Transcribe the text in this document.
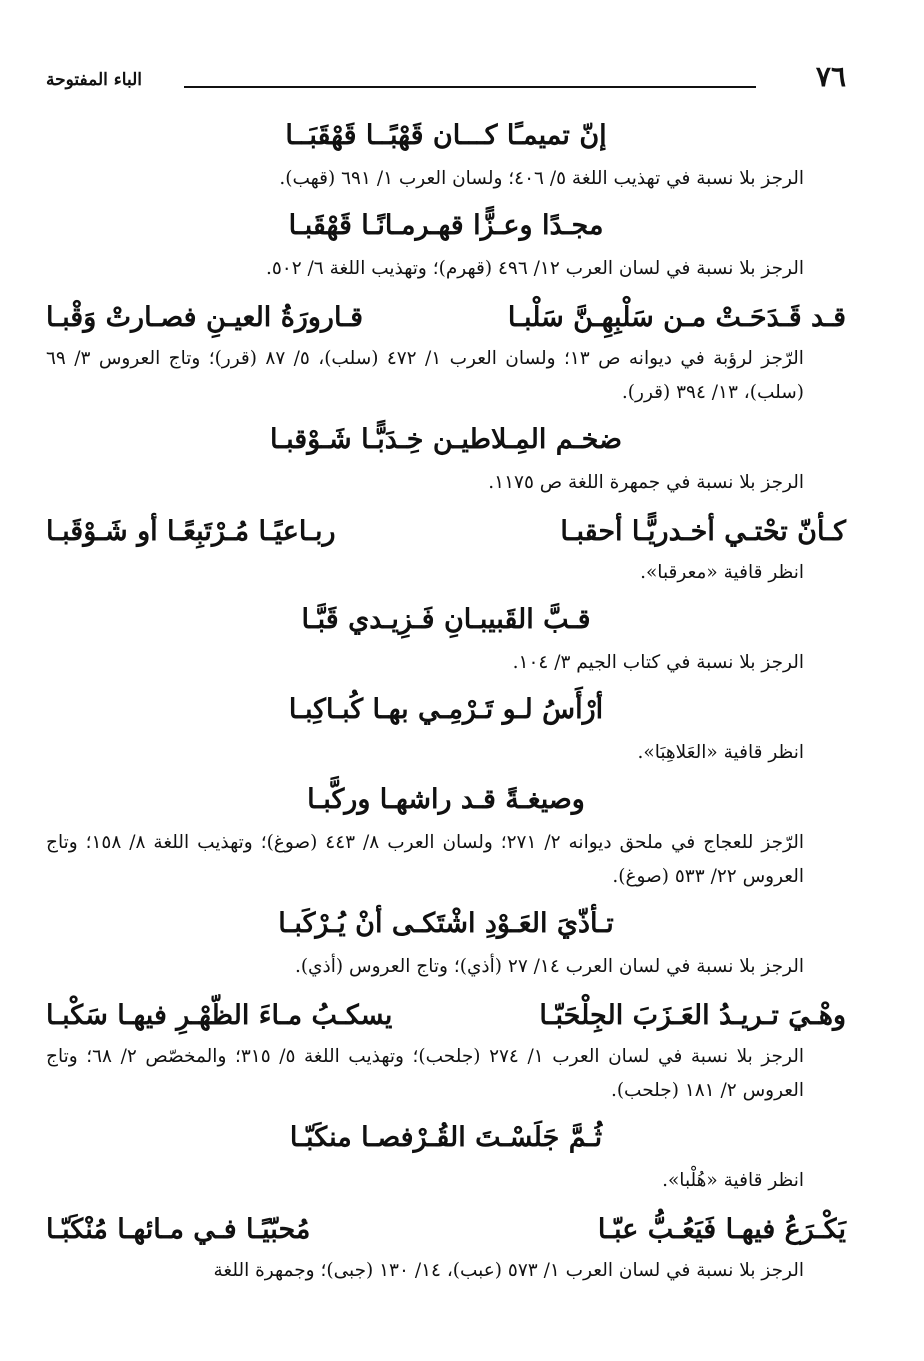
٧٦
الباء المفتوحة
إنّ تميمـًا كـــان قَهْبًــا قَهْقَبَــا
الرجز بلا نسبة في تهذيب اللغة ٥/ ٤٠٦؛ ولسان العرب ١/ ٦٩١ (قهب).
مجـدًا وعـزًّا قهـرمـانًـا قَهْقَبـا
الرجز بلا نسبة في لسان العرب ١٢/ ٤٩٦ (قهرم)؛ وتهذيب اللغة ٦/ ٥٠٢.
قـد قَـدَحَـتْ مـن سَلْبِهِـنَّ سَلْبـا
قـارورَةُ العيـنِ فصـارتْ وَقْبـا
الرّجز لرؤبة في ديوانه ص ١٣؛ ولسان العرب ١/ ٤٧٢ (سلب)، ٥/ ٨٧ (قرر)؛ وتاج العروس ٣/ ٦٩ (سلب)، ١٣/ ٣٩٤ (قرر).
ضخـم المِـلاطيـن خِـدَبًّـا شَـوْقبـا
الرجز بلا نسبة في جمهرة اللغة ص ١١٧٥.
كـأنّ تحْتـي أخـدريًّـا أحقبـا
ربـاعيًـا مُـرْتَبِعًـا أو شَـوْقَبـا
انظر قافية «معرقبا».
قـبَّ القَبيبـانِ فَـزِيـدي قَبَّـا
الرجز بلا نسبة في كتاب الجيم ٣/ ١٠٤.
أرْأَسُ لـو تَـرْمِـي بهـا كُبـاكِبـا
انظر قافية «العَلاهِبَا».
وصيغـةً قـد راشهـا وركَّبـا
الرّجز للعجاج في ملحق ديوانه ٢/ ٢٧١؛ ولسان العرب ٨/ ٤٤٣ (صوغ)؛ وتهذيب اللغة ٨/ ١٥٨؛ وتاج العروس ٢٢/ ٥٣٣ (صوغ).
تـأذّيَ العَـوْدِ اشْتَكـى أنْ يُـرْكَبـا
الرجز بلا نسبة في لسان العرب ١٤/ ٢٧ (أذي)؛ وتاج العروس (أذي).
وهْـيَ تـريـدُ العَـزَبَ الجِلْحَبّـا
يسكـبُ مـاءَ الظّهْـرِ فيهـا سَكْبـا
الرجز بلا نسبة في لسان العرب ١/ ٢٧٤ (جلحب)؛ وتهذيب اللغة ٥/ ٣١٥؛ والمخصّص ٢/ ٦٨؛ وتاج العروس ٢/ ١٨١ (جلحب).
ثُـمَّ جَلَسْـتَ القُـرْفصـا منكَبّـا
انظر قافية «هُلْبا».
يَكْـرَعُ فيهـا فَيَعُـبُّ عبّـا
مُحبّيًـا فـي مـائهـا مُنْكَبّـا
الرجز بلا نسبة في لسان العرب ١/ ٥٧٣ (عبب)، ١٤/ ١٣٠ (جبى)؛ وجمهرة اللغة
